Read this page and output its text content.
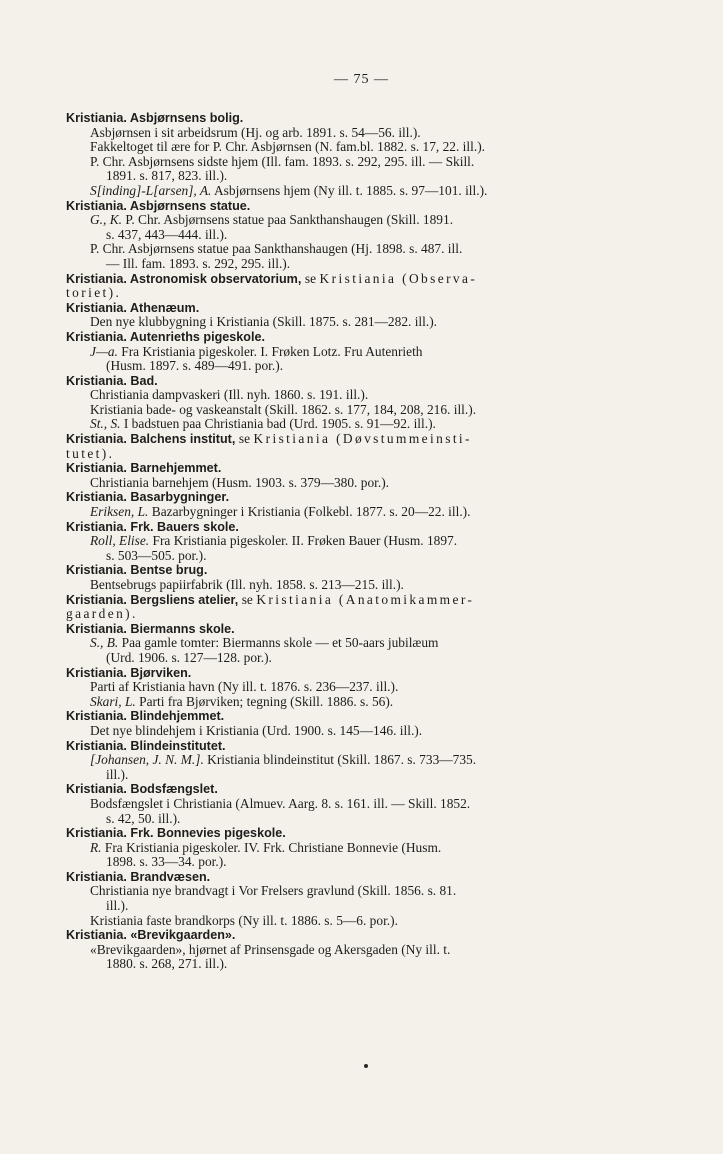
— 75 —
Kristiania. Asbjørnsens bolig.
Asbjørnsen i sit arbeidsrum (Hj. og arb. 1891. s. 54—56. ill.).
Fakkeltoget til ære for P. Chr. Asbjørnsen (N. fam.bl. 1882. s. 17, 22. ill.).
P. Chr. Asbjørnsens sidste hjem (Ill. fam. 1893. s. 292, 295. ill. — Skill.
1891. s. 817, 823. ill.).
S[inding]-L[arsen], A. Asbjørnsens hjem (Ny ill. t. 1885. s. 97—101. ill.).
Kristiania. Asbjørnsens statue.
G., K. P. Chr. Asbjørnsens statue paa Sankthanshaugen (Skill. 1891.
s. 437, 443—444. ill.).
P. Chr. Asbjørnsens statue paa Sankthanshaugen (Hj. 1898. s. 487. ill.
— Ill. fam. 1893. s. 292, 295. ill.).
Kristiania. Astronomisk observatorium, se Kristiania (Observa-
toriet).
Kristiania. Athenæum.
Den nye klubbygning i Kristiania (Skill. 1875. s. 281—282. ill.).
Kristiania. Autenrieths pigeskole.
J—a. Fra Kristiania pigeskoler. I. Frøken Lotz. Fru Autenrieth
(Husm. 1897. s. 489—491. por.).
Kristiania. Bad.
Christiania dampvaskeri (Ill. nyh. 1860. s. 191. ill.).
Kristiania bade- og vaskeanstalt (Skill. 1862. s. 177, 184, 208, 216. ill.).
St., S. I badstuen paa Christiania bad (Urd. 1905. s. 91—92. ill.).
Kristiania. Balchens institut, se Kristiania (Døvstummeinsti-
tutet).
Kristiania. Barnehjemmet.
Christiania barnehjem (Husm. 1903. s. 379—380. por.).
Kristiania. Basarbygninger.
Eriksen, L. Bazarbygninger i Kristiania (Folkebl. 1877. s. 20—22. ill.).
Kristiania. Frk. Bauers skole.
Roll, Elise. Fra Kristiania pigeskoler. II. Frøken Bauer (Husm. 1897.
s. 503—505. por.).
Kristiania. Bentse brug.
Bentsebrugs papiirfabrik (Ill. nyh. 1858. s. 213—215. ill.).
Kristiania. Bergsliens atelier, se Kristiania (Anatomikammer-
gaarden).
Kristiania. Biermanns skole.
S., B. Paa gamle tomter: Biermanns skole — et 50-aars jubilæum
(Urd. 1906. s. 127—128. por.).
Kristiania. Bjørviken.
Parti af Kristiania havn (Ny ill. t. 1876. s. 236—237. ill.).
Skari, L. Parti fra Bjørviken; tegning (Skill. 1886. s. 56).
Kristiania. Blindehjemmet.
Det nye blindehjem i Kristiania (Urd. 1900. s. 145—146. ill.).
Kristiania. Blindeinstitutet.
[Johansen, J. N. M.]. Kristiania blindeinstitut (Skill. 1867. s. 733—735.
ill.).
Kristiania. Bodsfængslet.
Bodsfængslet i Christiania (Almuev. Aarg. 8. s. 161. ill. — Skill. 1852.
s. 42, 50. ill.).
Kristiania. Frk. Bonnevies pigeskole.
R. Fra Kristiania pigeskoler. IV. Frk. Christiane Bonnevie (Husm.
1898. s. 33—34. por.).
Kristiania. Brandvæsen.
Christiania nye brandvagt i Vor Frelsers gravlund (Skill. 1856. s. 81.
ill.).
Kristiania faste brandkorps (Ny ill. t. 1886. s. 5—6. por.).
Kristiania. «Brevikgaarden».
«Brevikgaarden», hjørnet af Prinsensgade og Akersgaden (Ny ill. t.
1880. s. 268, 271. ill.).
